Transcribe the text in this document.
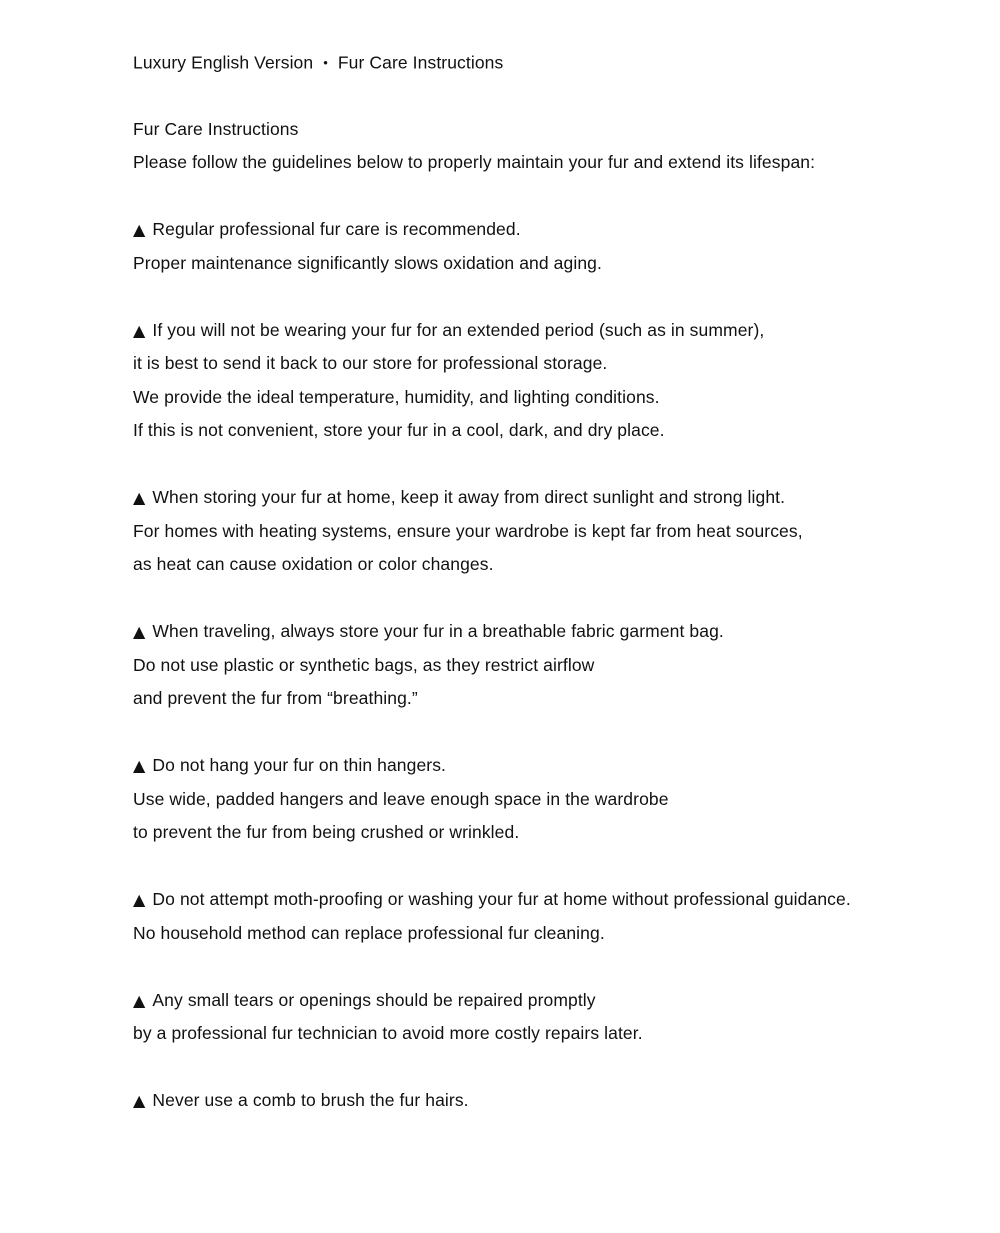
Luxury English Version • Fur Care Instructions

Fur Care Instructions

Please follow the guidelines below to properly maintain your fur and extend its lifespan:

▲ Regular professional fur care is recommended.

Proper maintenance significantly slows oxidation and aging.

▲ If you will not be wearing your fur for an extended period (such as in summer),

it is best to send it back to our store for professional storage.

We provide the ideal temperature, humidity, and lighting conditions.

If this is not convenient, store your fur in a cool, dark, and dry place.

▲ When storing your fur at home, keep it away from direct sunlight and strong light.

For homes with heating systems, ensure your wardrobe is kept far from heat sources,

as heat can cause oxidation or color changes.

▲ When traveling, always store your fur in a breathable fabric garment bag.

Do not use plastic or synthetic bags, as they restrict airflow

and prevent the fur from “breathing.”

▲ Do not hang your fur on thin hangers.

Use wide, padded hangers and leave enough space in the wardrobe

to prevent the fur from being crushed or wrinkled.

▲ Do not attempt moth-proofing or washing your fur at home without professional guidance.

No household method can replace professional fur cleaning.

▲ Any small tears or openings should be repaired promptly

by a professional fur technician to avoid more costly repairs later.

▲ Never use a comb to brush the fur hairs.
